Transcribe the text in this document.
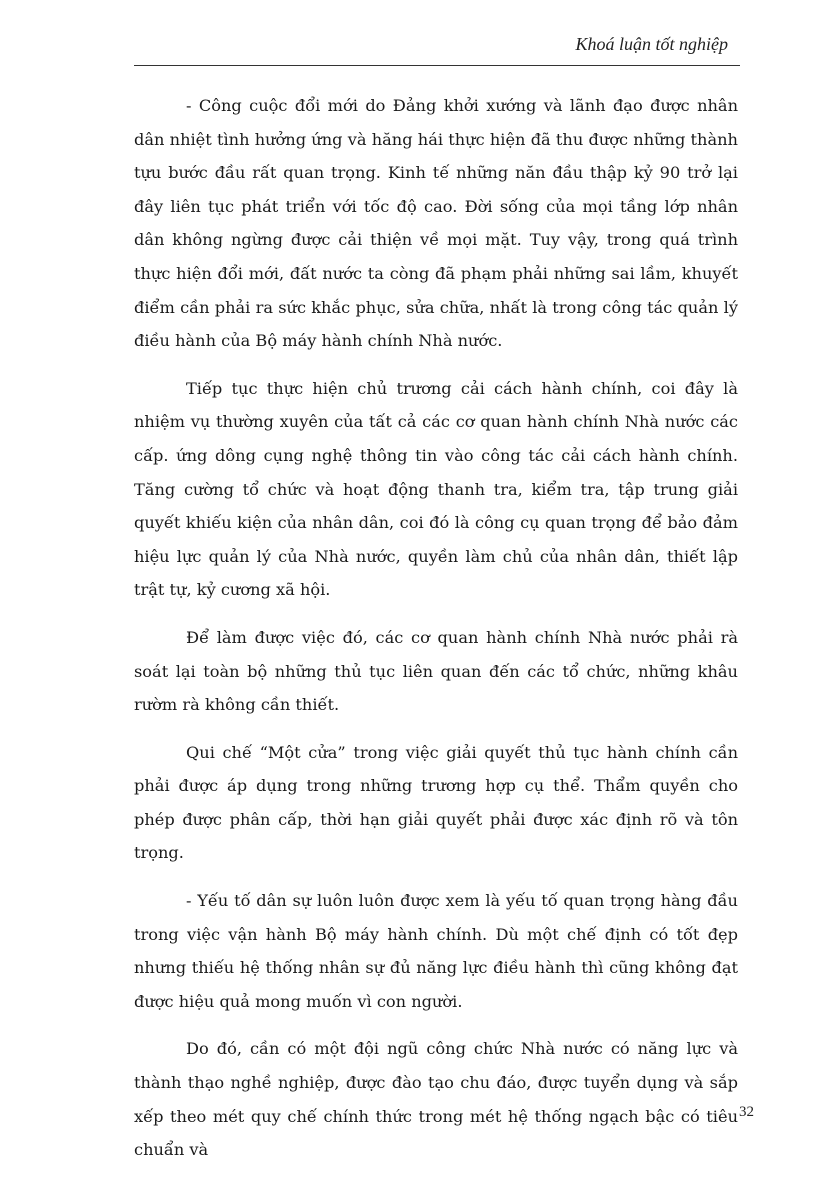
Khoá luận tốt nghiệp

- Công cuộc đổi mới do Đảng khởi xướng và lãnh đạo được nhân dân nhiệt tình hưởng ứng và hăng hái thực hiện đã thu được những thành tựu bước đầu rất quan trọng. Kinh tế những năn đầu thập kỷ 90 trở lại đây liên tục phát triển với tốc độ cao. Đời sống của mọi tầng lớp nhân dân không ngừng được cải thiện về mọi mặt. Tuy vậy, trong quá trình thực hiện đổi mới, đất nước ta còng đã phạm phải những sai lầm, khuyết điểm cần phải ra sức khắc phục, sửa chữa, nhất là trong công tác quản lý điều hành của Bộ máy hành chính Nhà nước.

Tiếp tục thực hiện chủ trương cải cách hành chính, coi đây là nhiệm vụ thường xuyên của tất cả các cơ quan hành chính Nhà nước các cấp. ứng dông cụng nghệ thông tin vào công tác cải cách hành chính. Tăng cường tổ chức và hoạt động thanh tra, kiểm tra, tập trung giải quyết khiếu kiện của nhân dân, coi đó là công cụ quan trọng để bảo đảm hiệu lực quản lý của Nhà nước, quyền làm chủ của nhân dân, thiết lập trật tự, kỷ cương xã hội.

Để làm được việc đó, các cơ quan hành chính Nhà nước phải rà soát lại toàn bộ những thủ tục liên quan đến các tổ chức, những khâu rườm rà không cần thiết.

Qui chế “Một cửa” trong việc giải quyết thủ tục hành chính cần phải được áp dụng trong những trương hợp cụ thể. Thẩm quyền cho phép được phân cấp, thời hạn giải quyết phải được xác định rõ và tôn trọng.

- Yếu tố dân sự luôn luôn được xem là yếu tố quan trọng hàng đầu trong việc vận hành Bộ máy hành chính. Dù một chế định có tốt đẹp nhưng thiếu hệ thống nhân sự đủ năng lực điều hành thì cũng không đạt được hiệu quả mong muốn vì con người.

Do đó, cần có một đội ngũ công chức Nhà nước có năng lực và thành thạo nghề nghiệp, được đào tạo chu đáo, được tuyển dụng và sắp xếp theo mét quy chế chính thức trong mét hệ thống ngạch bậc có tiêu chuẩn và

32
